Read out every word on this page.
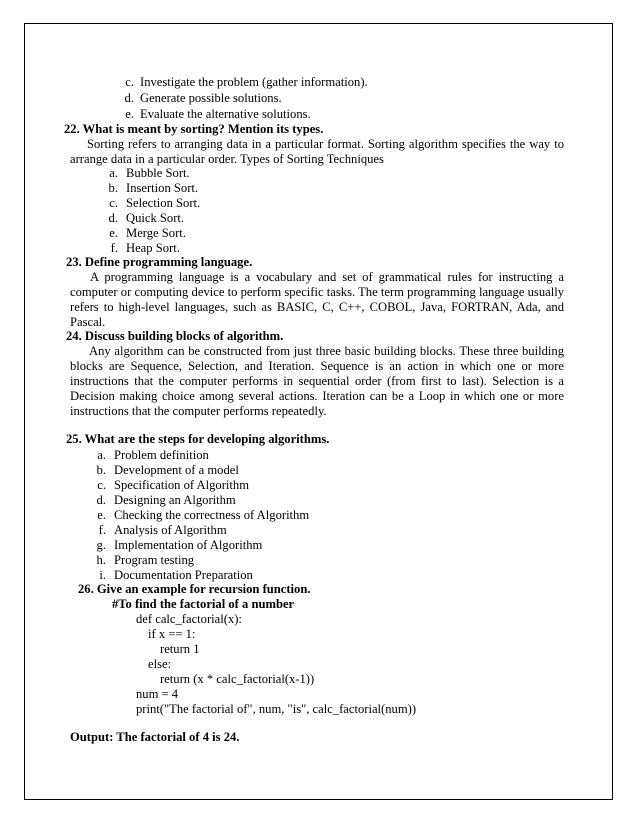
c. Investigate the problem (gather information).
d. Generate possible solutions.
e. Evaluate the alternative solutions.
22. What is meant by sorting? Mention its types.
Sorting refers to arranging data in a particular format. Sorting algorithm specifies the way to
arrange data in a particular order. Types of Sorting Techniques
a. Bubble Sort.
b. Insertion Sort.
c. Selection Sort.
d. Quick Sort.
e. Merge Sort.
f. Heap Sort.
23. Define programming language.
A programming language is a vocabulary and set of grammatical rules for instructing a
computer or computing device to perform specific tasks. The term programming language usually
refers to high-level languages, such as BASIC, C, C++, COBOL, Java, FORTRAN, Ada, and
Pascal.
24. Discuss building blocks of algorithm.
Any algorithm can be constructed from just three basic building blocks. These three building
blocks are Sequence, Selection, and Iteration. Sequence is an action in which one or more
instructions that the computer performs in sequential order (from first to last). Selection is a
Decision making choice among several actions. Iteration can be a Loop in which one or more
instructions that the computer performs repeatedly.
25. What are the steps for developing algorithms.
a. Problem definition
b. Development of a model
c. Specification of Algorithm
d. Designing an Algorithm
e. Checking the correctness of Algorithm
f. Analysis of Algorithm
g. Implementation of Algorithm
h. Program testing
i. Documentation Preparation
26. Give an example for recursion function.
#To find the factorial of a number
def calc_factorial(x):
if x == 1:
return 1
else:
return (x * calc_factorial(x-1))
num = 4
print("The factorial of", num, "is", calc_factorial(num))
Output: The factorial of 4 is 24.
